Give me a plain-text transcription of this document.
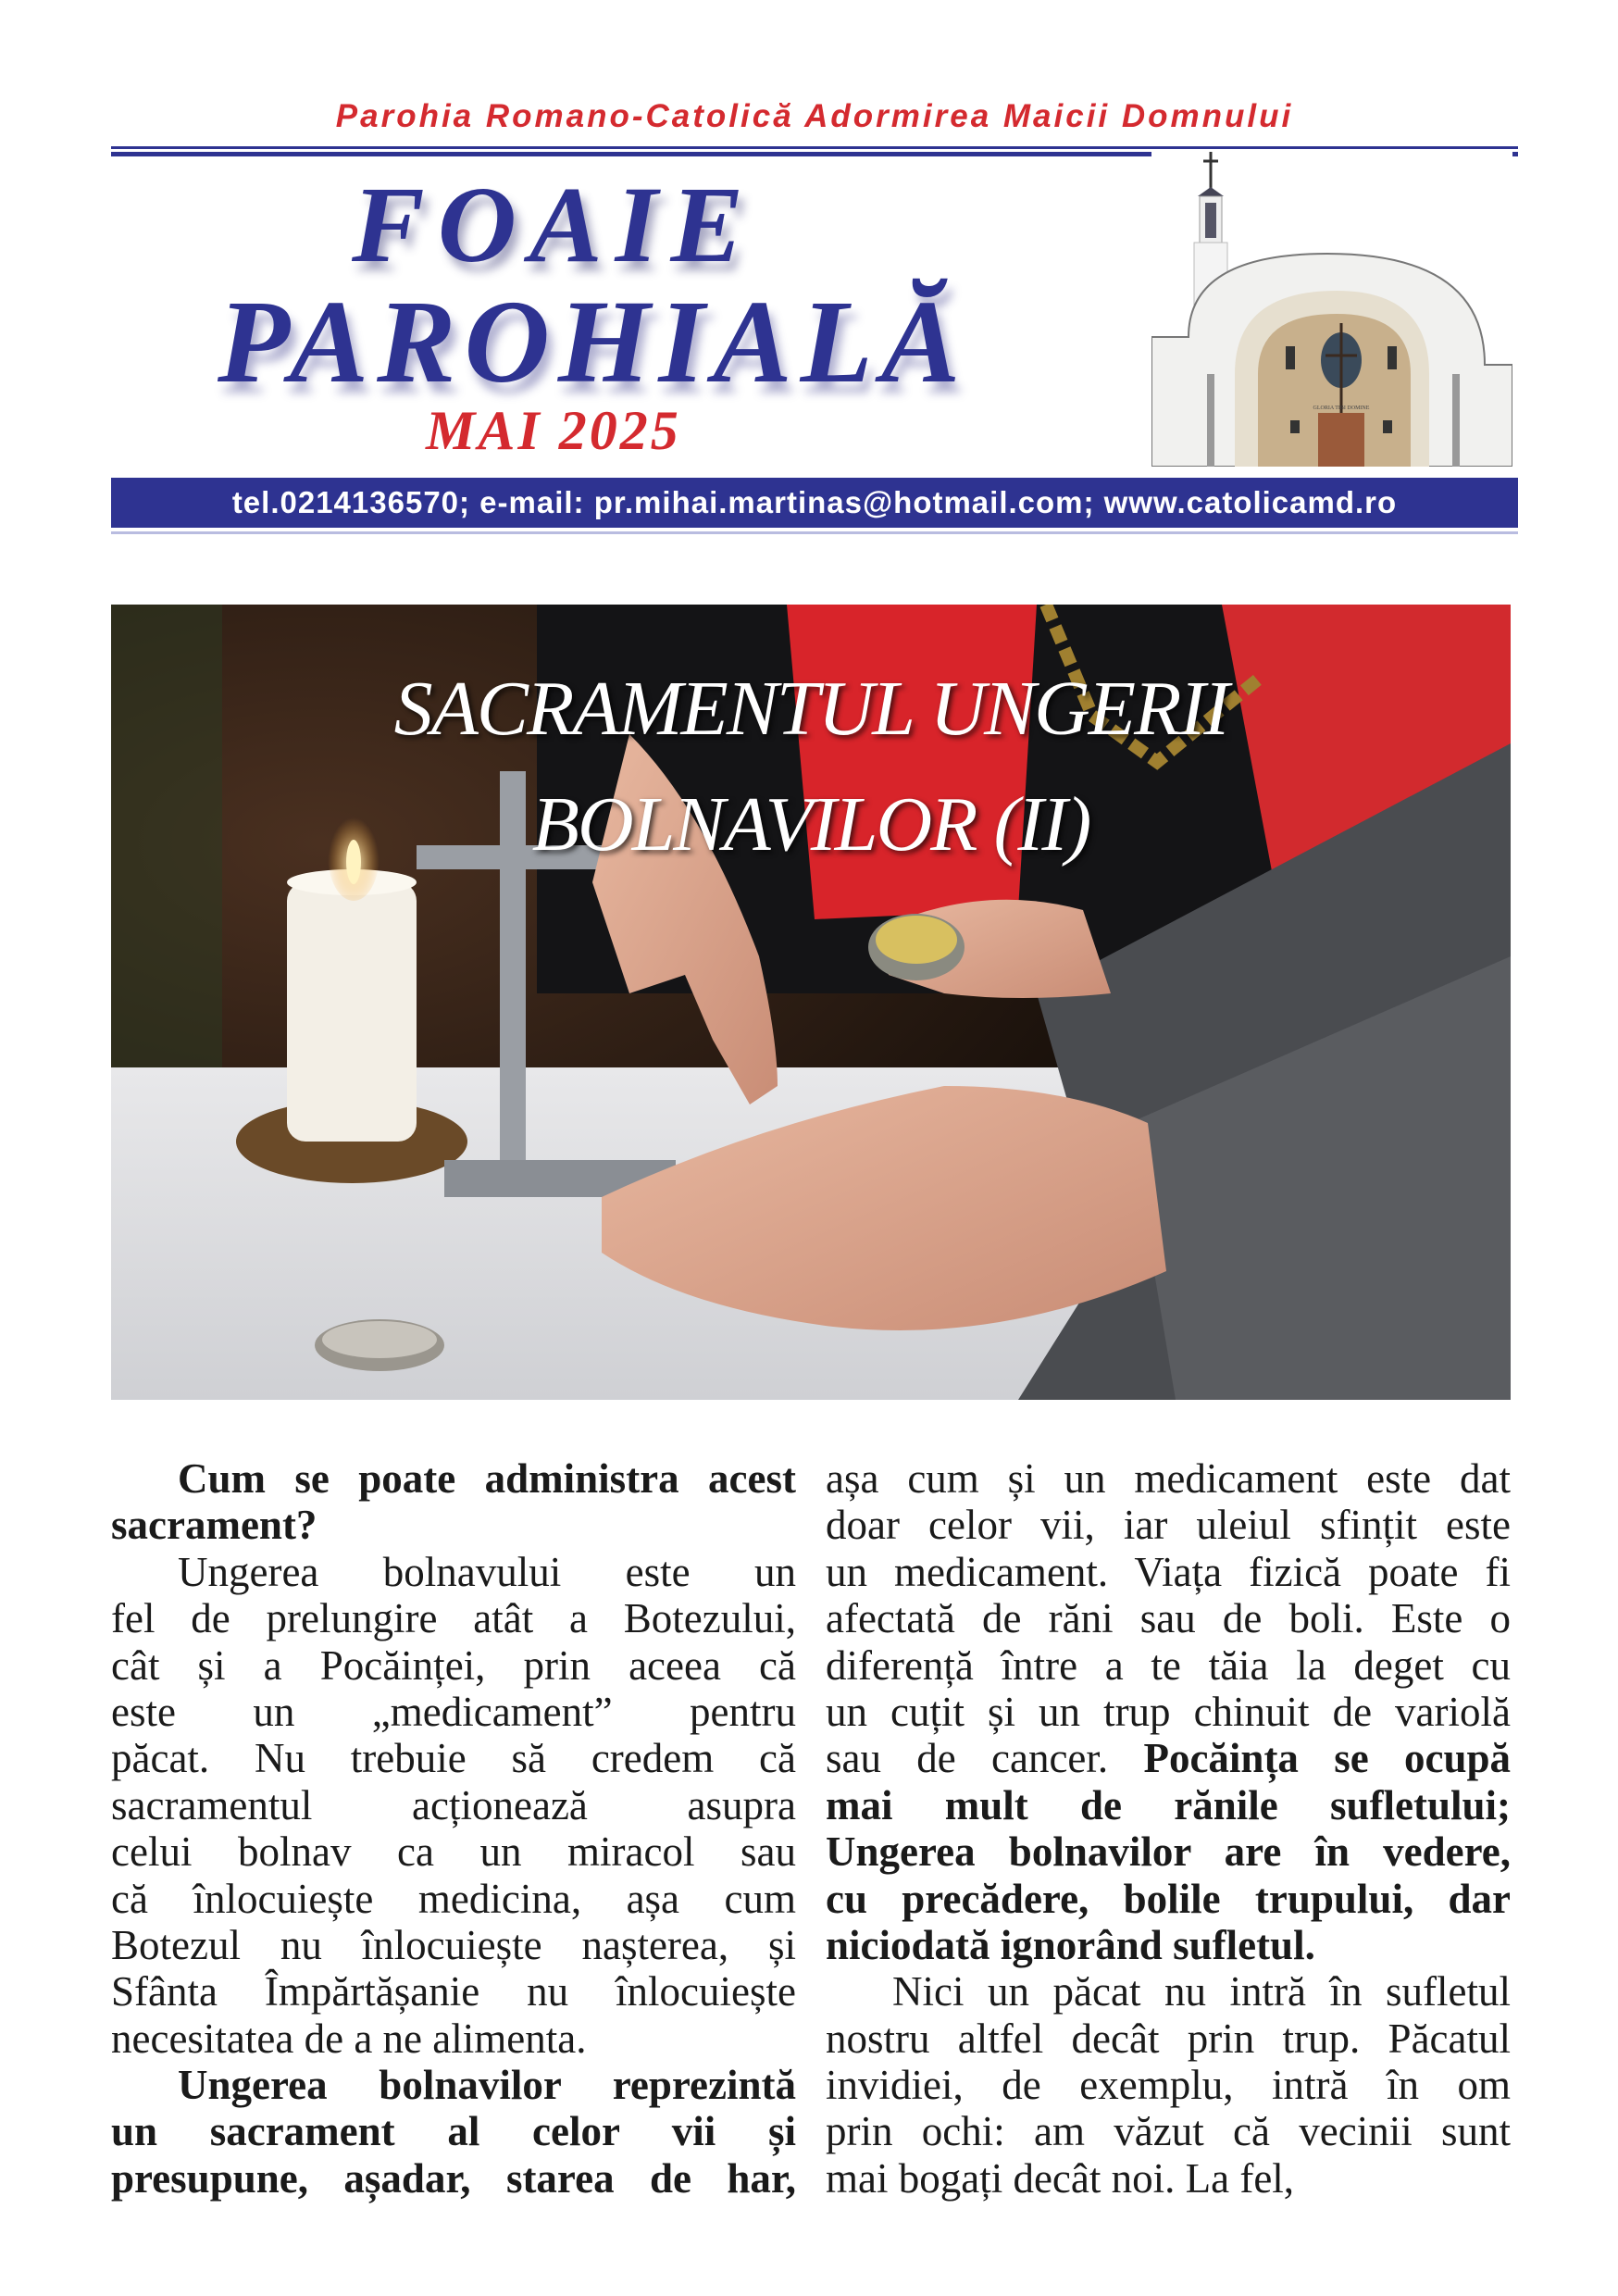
Parohia Romano-Catolică Adormirea Maicii Domnului
FOAIE
PAROHIALĂ
MAI 2025	GLORIA TIBI DOMINE
tel.0214136570; e-mail: pr.mihai.martinas@hotmail.com; www.catolicamd.ro
SACRAMENTUL UNGERII
BOLNAVILOR (II)
Cum se poate administra acest
sacrament?
Ungerea bolnavului este un
fel de prelungire atât a Botezului,
cât și a Pocăinței, prin aceea că
este un „medicament” pentru
păcat. Nu trebuie să credem că
sacramentul acționează asupra
celui bolnav ca un miracol sau
că înlocuiește medicina, așa cum
Botezul nu înlocuiește nașterea, și
Sfânta Împărtășanie nu înlocuiește
necesitatea de a ne alimenta.
Ungerea bolnavilor reprezintă
un sacrament al celor vii și
presupune, așadar, starea de har,
așa cum și un medicament este dat
doar celor vii, iar uleiul sfințit este
un medicament. Viața fizică poate fi
afectată de răni sau de boli. Este o
diferență între a te tăia la deget cu
un cuțit și un trup chinuit de variolă
sau de cancer. Pocăința se ocupă
mai mult de rănile sufletului;
Ungerea bolnavilor are în vedere,
cu precădere, bolile trupului, dar
niciodată ignorând sufletul.
Nici un păcat nu intră în sufletul
nostru altfel decât prin trup. Păcatul
invidiei, de exemplu, intră în om
prin ochi: am văzut că vecinii sunt
mai bogați decât noi. La fel,
